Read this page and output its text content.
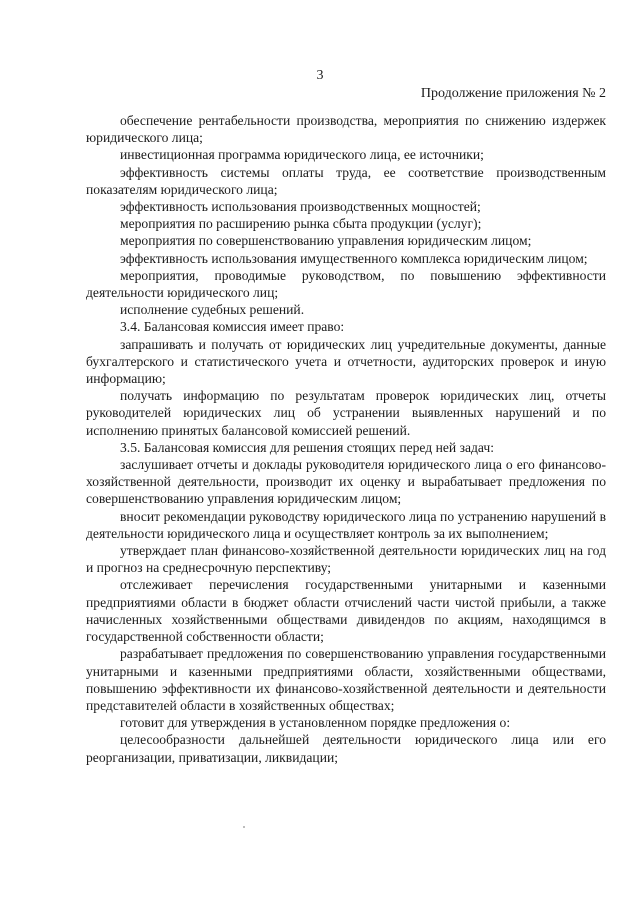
3
Продолжение приложения № 2

обеспечение рентабельности производства, мероприятия по снижению издержек юридического лица;

инвестиционная программа юридического лица, ее источники;

эффективность системы оплаты труда, ее соответствие производственным показателям юридического лица;

эффективность использования производственных мощностей;

мероприятия по расширению рынка сбыта продукции (услуг);

мероприятия по совершенствованию управления юридическим лицом;

эффективность использования имущественного комплекса юридическим лицом;

мероприятия, проводимые руководством, по повышению эффективности деятельности юридического лиц;

исполнение судебных решений.

3.4. Балансовая комиссия имеет право:

запрашивать и получать от юридических лиц учредительные документы, данные бухгалтерского и статистического учета и отчетности, аудиторских проверок и иную информацию;

получать информацию по результатам проверок юридических лиц, отчеты руководителей юридических лиц об устранении выявленных нарушений и по исполнению принятых балансовой комиссией решений.

3.5. Балансовая комиссия для решения стоящих перед ней задач:

заслушивает отчеты и доклады руководителя юридического лица о его финансово-хозяйственной деятельности, производит их оценку и вырабатывает предложения по совершенствованию управления юридическим лицом;

вносит рекомендации руководству юридического лица по устранению нарушений в деятельности юридического лица и осуществляет контроль за их выполнением;

утверждает план финансово-хозяйственной деятельности юридических лиц на год и прогноз на среднесрочную перспективу;

отслеживает перечисления государственными унитарными и казенными предприятиями области в бюджет области отчислений части чистой прибыли, а также начисленных хозяйственными обществами дивидендов по акциям, находящимся в государственной собственности области;

разрабатывает предложения по совершенствованию управления государственными унитарными и казенными предприятиями области, хозяйственными обществами, повышению эффективности их финансово-хозяйственной деятельности и деятельности представителей области в хозяйственных обществах;

готовит для утверждения в установленном порядке предложения о:

целесообразности дальнейшей деятельности юридического лица или его реорганизации, приватизации, ликвидации;
